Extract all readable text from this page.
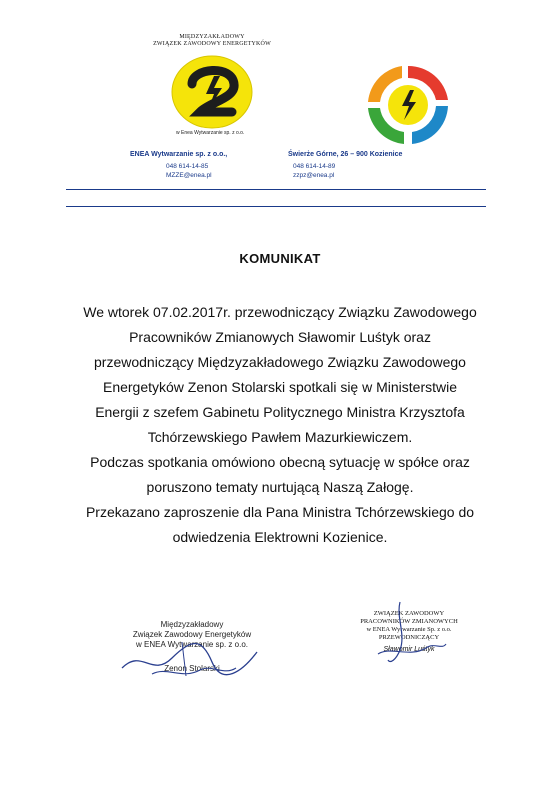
MIĘDZYZAKŁADOWY
ZWIĄZEK ZAWODOWY ENERGETYKÓW
w Enea Wytwarzanie sp. z o.o.
ENEA Wytwarzanie sp. z o.o.,	Świerże Górne, 26 – 900 Kozienice
048 614-14-85
MZZE@enea.pl
048 614-14-89
zzpz@enea.pl
KOMUNIKAT
We wtorek 07.02.2017r. przewodniczący Związku Zawodowego
Pracowników Zmianowych Sławomir Luśtyk oraz
przewodniczący Międzyzakładowego Związku Zawodowego
Energetyków Zenon Stolarski spotkali się w Ministerstwie
Energii z szefem Gabinetu Politycznego Ministra Krzysztofa
Tchórzewskiego Pawłem Mazurkiewiczem.
Podczas spotkania omówiono obecną sytuację w spółce oraz
poruszono tematy nurtującą Naszą Załogę.
Przekazano zaproszenie dla Pana Ministra Tchórzewskiego do
odwiedzenia Elektrowni Kozienice.
Międzyzakładowy
Związek Zawodowy Energetyków
w ENEA Wytwarzanie sp. z o.o.
Zenon Stolarski
ZWIĄZEK ZAWODOWY
PRACOWNIKÓW ZMIANOWYCH
w ENEA Wytwarzanie Sp. z o.o.
PRZEWODNICZĄCY
Sławomir Luśtyk
